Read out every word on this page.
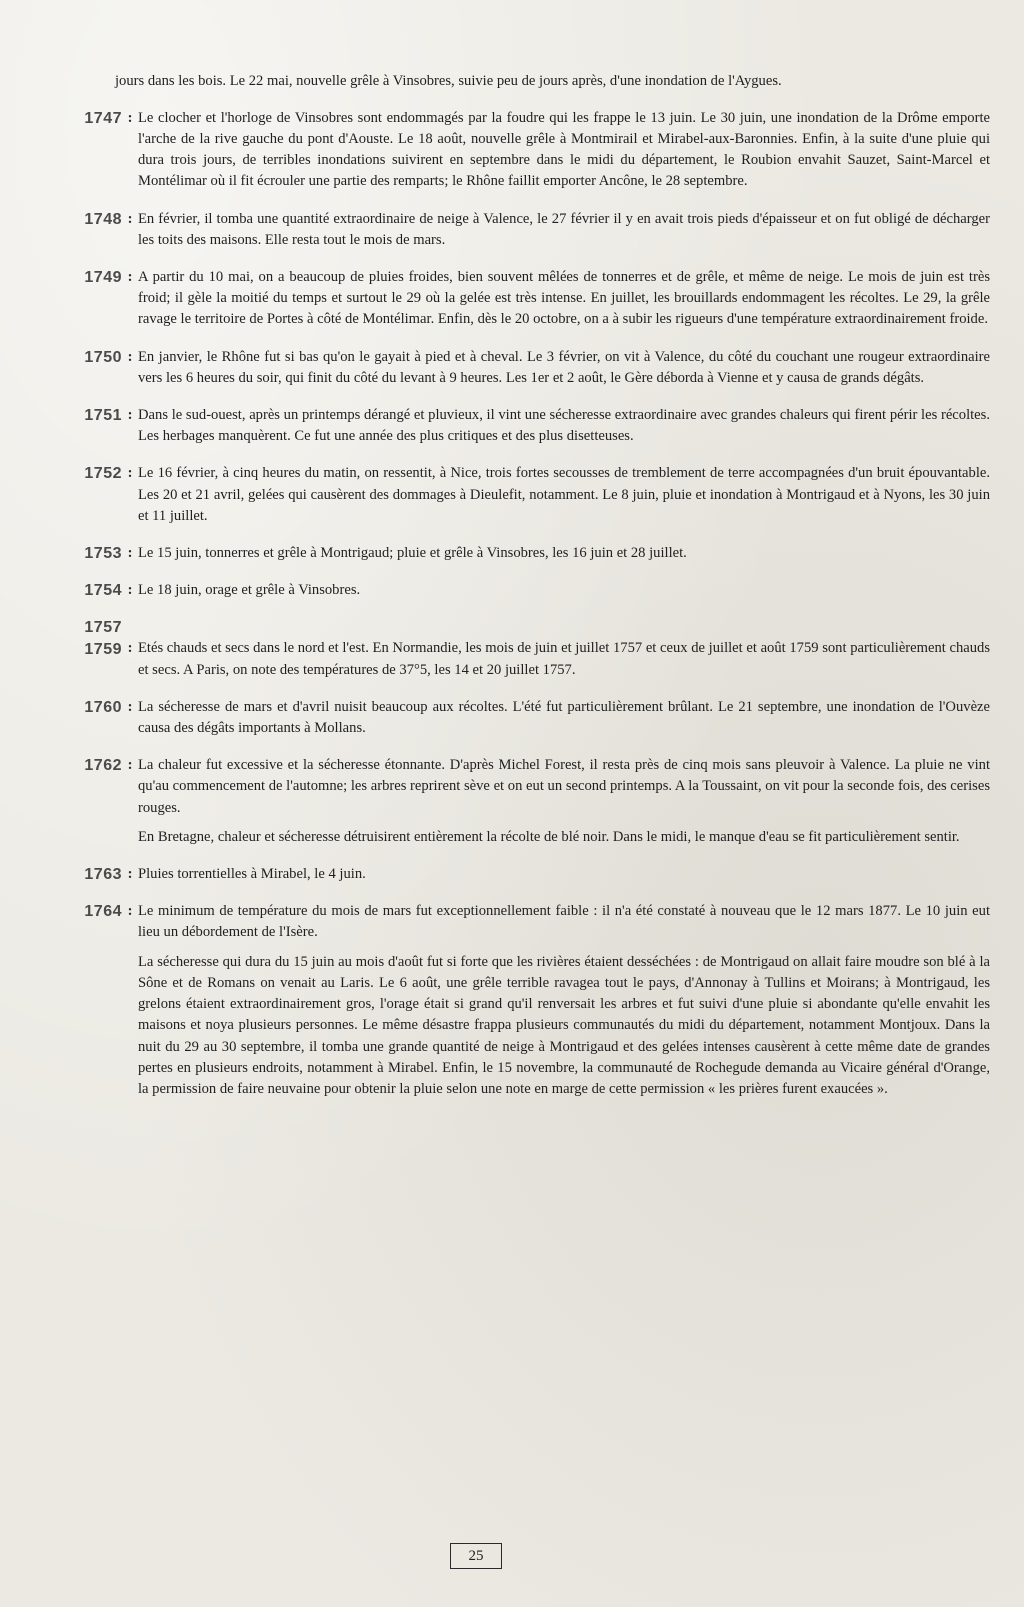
jours dans les bois. Le 22 mai, nouvelle grêle à Vinsobres, suivie peu de jours après, d'une inondation de l'Aygues.

1747 : Le clocher et l'horloge de Vinsobres sont endommagés par la foudre qui les frappe le 13 juin. Le 30 juin, une inondation de la Drôme emporte l'arche de la rive gauche du pont d'Aouste. Le 18 août, nouvelle grêle à Montmirail et Mirabel-aux-Baronnies. Enfin, à la suite d'une pluie qui dura trois jours, de terribles inondations suivirent en septembre dans le midi du département, le Roubion envahit Sauzet, Saint-Marcel et Montélimar où il fit écrouler une partie des remparts; le Rhône faillit emporter Ancône, le 28 septembre.

1748 : En février, il tomba une quantité extraordinaire de neige à Valence, le 27 février il y en avait trois pieds d'épaisseur et on fut obligé de décharger les toits des maisons. Elle resta tout le mois de mars.

1749 : A partir du 10 mai, on a beaucoup de pluies froides, bien souvent mêlées de tonnerres et de grêle, et même de neige. Le mois de juin est très froid; il gèle la moitié du temps et surtout le 29 où la gelée est très intense. En juillet, les brouillards endommagent les récoltes. Le 29, la grêle ravage le territoire de Portes à côté de Montélimar. Enfin, dès le 20 octobre, on a à subir les rigueurs d'une température extraordinairement froide.

1750 : En janvier, le Rhône fut si bas qu'on le gayait à pied et à cheval. Le 3 février, on vit à Valence, du côté du couchant une rougeur extraordinaire vers les 6 heures du soir, qui finit du côté du levant à 9 heures. Les 1er et 2 août, le Gère déborda à Vienne et y causa de grands dégâts.

1751 : Dans le sud-ouest, après un printemps dérangé et pluvieux, il vint une sécheresse extraordinaire avec grandes chaleurs qui firent périr les récoltes. Les herbages manquèrent. Ce fut une année des plus critiques et des plus disetteuses.

1752 : Le 16 février, à cinq heures du matin, on ressentit, à Nice, trois fortes secousses de tremblement de terre accompagnées d'un bruit épouvantable. Les 20 et 21 avril, gelées qui causèrent des dommages à Dieulefit, notamment. Le 8 juin, pluie et inondation à Montrigaud et à Nyons, les 30 juin et 11 juillet.

1753 : Le 15 juin, tonnerres et grêle à Montrigaud; pluie et grêle à Vinsobres, les 16 juin et 28 juillet.

1754 : Le 18 juin, orage et grêle à Vinsobres.

1757
1759 : Etés chauds et secs dans le nord et l'est. En Normandie, les mois de juin et juillet 1757 et ceux de juillet et août 1759 sont particulièrement chauds et secs. A Paris, on note des températures de 37°5, les 14 et 20 juillet 1757.

1760 : La sécheresse de mars et d'avril nuisit beaucoup aux récoltes. L'été fut particulièrement brûlant. Le 21 septembre, une inondation de l'Ouvèze causa des dégâts importants à Mollans.

1762 : La chaleur fut excessive et la sécheresse étonnante. D'après Michel Forest, il resta près de cinq mois sans pleuvoir à Valence. La pluie ne vint qu'au commencement de l'automne; les arbres reprirent sève et on eut un second printemps. A la Toussaint, on vit pour la seconde fois, des cerises rouges.

En Bretagne, chaleur et sécheresse détruisirent entièrement la récolte de blé noir. Dans le midi, le manque d'eau se fit particulièrement sentir.

1763 : Pluies torrentielles à Mirabel, le 4 juin.

1764 : Le minimum de température du mois de mars fut exceptionnellement faible : il n'a été constaté à nouveau que le 12 mars 1877. Le 10 juin eut lieu un débordement de l'Isère.

La sécheresse qui dura du 15 juin au mois d'août fut si forte que les rivières étaient desséchées : de Montrigaud on allait faire moudre son blé à la Sône et de Romans on venait au Laris. Le 6 août, une grêle terrible ravagea tout le pays, d'Annonay à Tullins et Moirans; à Montrigaud, les grelons étaient extraordinairement gros, l'orage était si grand qu'il renversait les arbres et fut suivi d'une pluie si abondante qu'elle envahit les maisons et noya plusieurs personnes. Le même désastre frappa plusieurs communautés du midi du département, notamment Montjoux. Dans la nuit du 29 au 30 septembre, il tomba une grande quantité de neige à Montrigaud et des gelées intenses causèrent à cette même date de grandes pertes en plusieurs endroits, notamment à Mirabel. Enfin, le 15 novembre, la communauté de Rochegude demanda au Vicaire général d'Orange, la permission de faire neuvaine pour obtenir la pluie selon une note en marge de cette permission « les prières furent exaucées ».

25
